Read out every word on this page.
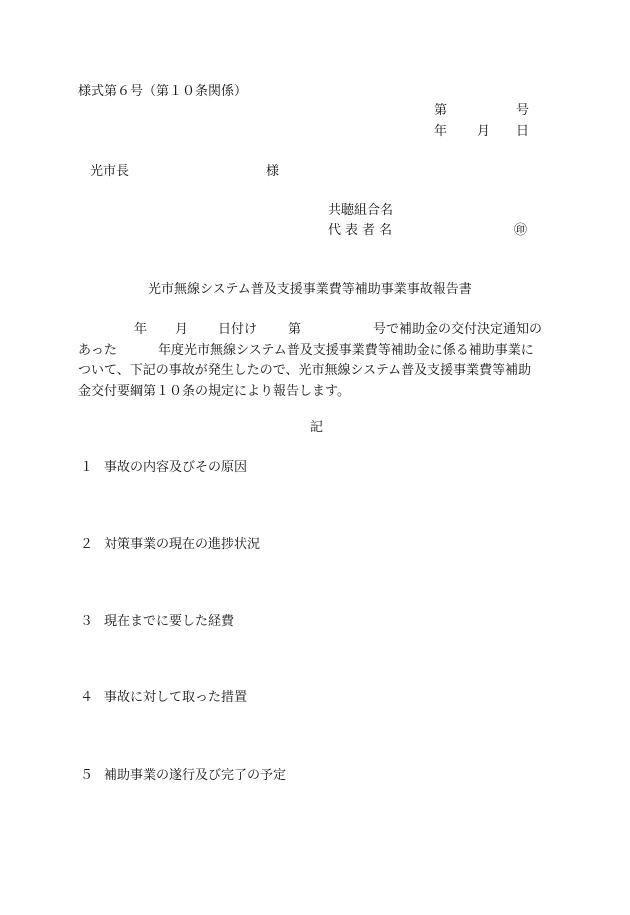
様式第６号（第１０条関係）
第	号
年 月 日
光市長	様
共聴組合名
代表者名	㊞
光市無線システム普及支援事業費等補助事業事故報告書
年 月 日付け 第	号で補助金の交付決定通知の
あった	年度光市無線システム普及支援事業費等補助金に係る補助事業に
ついて、下記の事故が発生したので、光市無線システム普及支援事業費等補助
金交付要綱第１０条の規定により報告します。
記
１ 事故の内容及びその原因
２ 対策事業の現在の進捗状況
３ 現在までに要した経費
４ 事故に対して取った措置
５ 補助事業の遂行及び完了の予定
